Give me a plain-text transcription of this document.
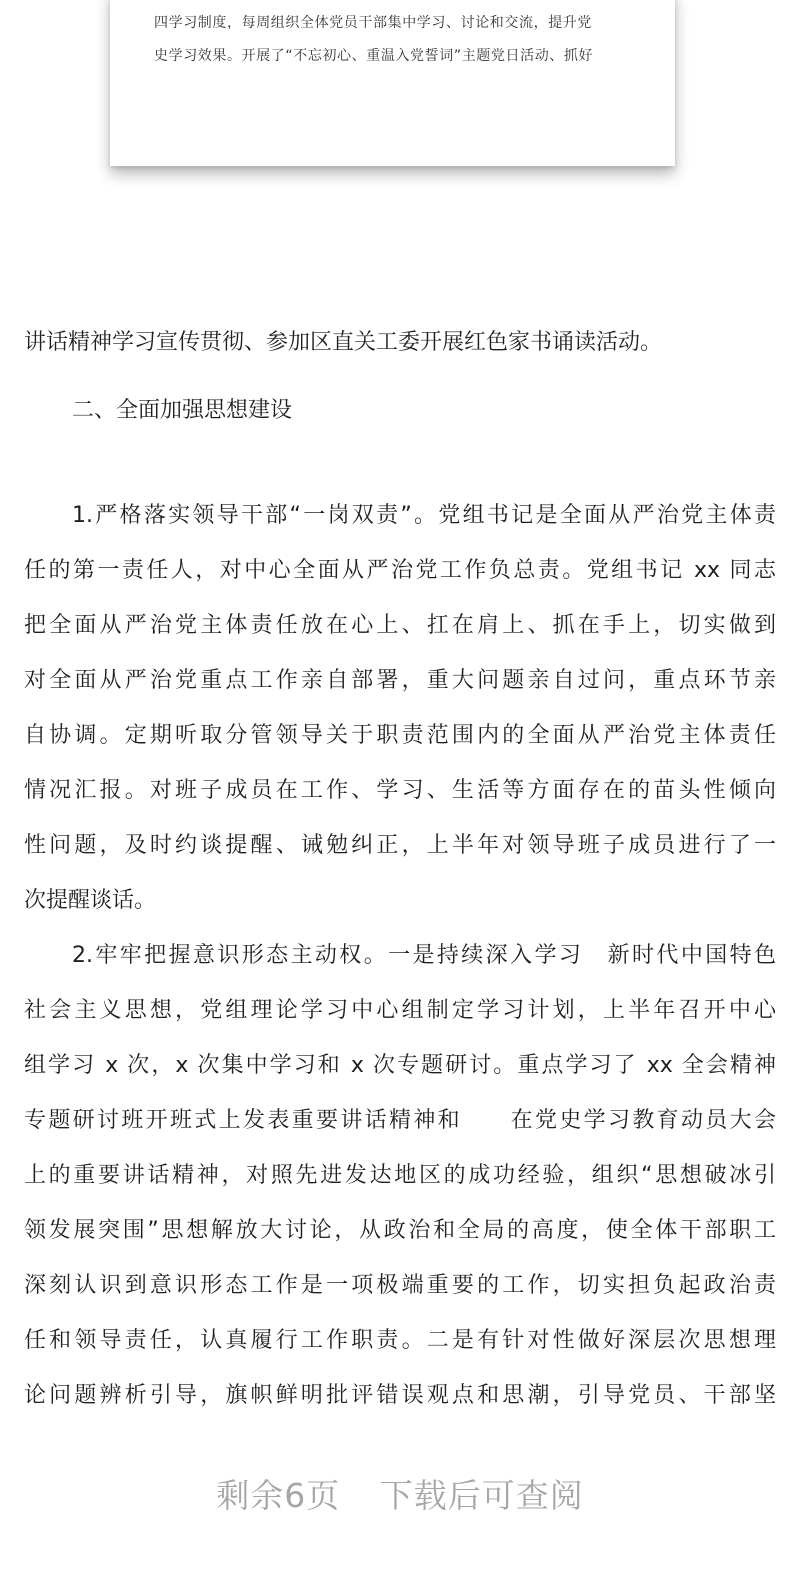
四学习制度，每周组织全体党员干部集中学习、讨论和交流，提升党
史学习效果。开展了“不忘初心、重温入党誓词”主题党日活动、抓好
讲话精神学习宣传贯彻、参加区直关工委开展红色家书诵读活动。
二、全面加强思想建设
1.严格落实领导干部“一岗双责”。党组书记是全面从严治党主体责
任的第一责任人，对中心全面从严治党工作负总责。党组书记 xx 同志
把全面从严治党主体责任放在心上、扛在肩上、抓在手上，切实做到
对全面从严治党重点工作亲自部署，重大问题亲自过问，重点环节亲
自协调。定期听取分管领导关于职责范围内的全面从严治党主体责任
情况汇报。对班子成员在工作、学习、生活等方面存在的苗头性倾向
性问题，及时约谈提醒、诫勉纠正，上半年对领导班子成员进行了一
次提醒谈话。
2.牢牢把握意识形态主动权。一是持续深入学习　新时代中国特色
社会主义思想，党组理论学习中心组制定学习计划，上半年召开中心
组学习 x 次，x 次集中学习和 x 次专题研讨。重点学习了 xx 全会精神
专题研讨班开班式上发表重要讲话精神和　　在党史学习教育动员大会
上的重要讲话精神，对照先进发达地区的成功经验，组织“思想破冰引
领发展突围”思想解放大讨论，从政治和全局的高度，使全体干部职工
深刻认识到意识形态工作是一项极端重要的工作，切实担负起政治责
任和领导责任，认真履行工作职责。二是有针对性做好深层次思想理
论问题辨析引导，旗帜鲜明批评错误观点和思潮，引导党员、干部坚
剩余6页 下载后可查阅
